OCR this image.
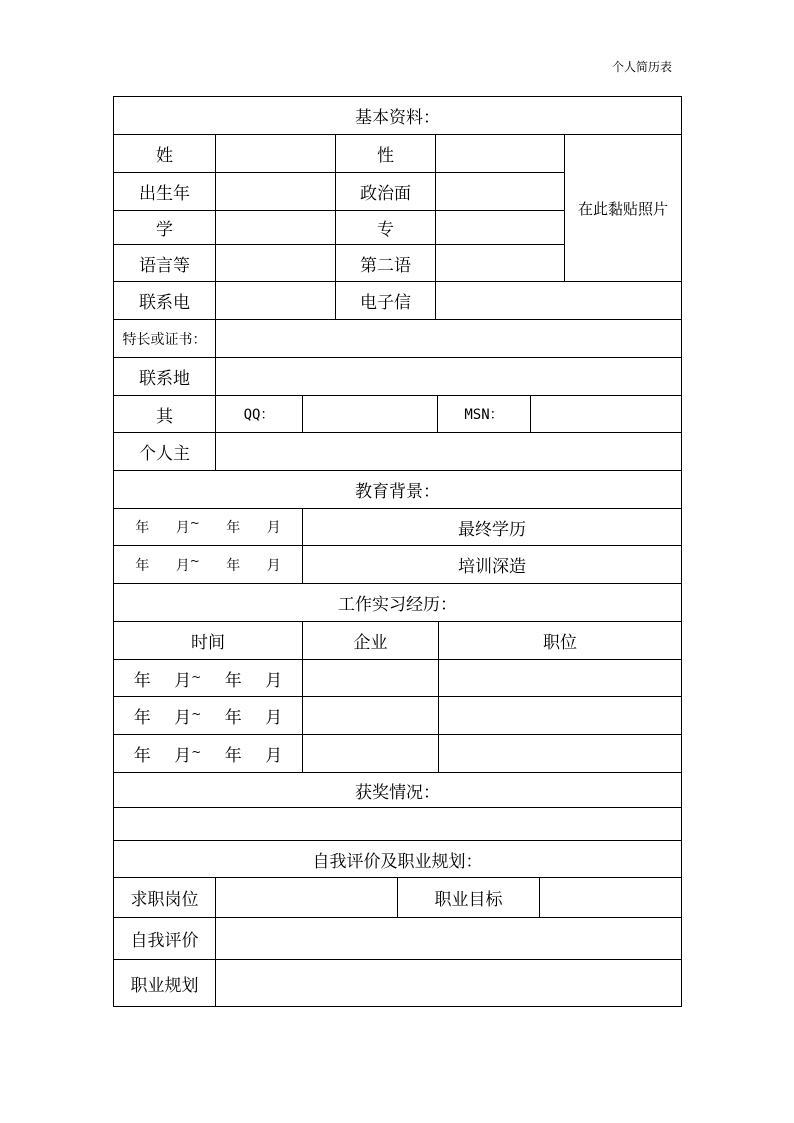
个人简历表
基本资料：
姓	性
在此黏贴照片
出生年	政治面
学	专
语言等	第二语
联系电	电子信
特长或证书：
联系地
其	QQ：	MSN：
个人主
教育背景：
年 月~ 年 月	最终学历
年 月~ 年 月	培训深造
工作实习经历：
时间	企业	职位
年 月~ 年 月
年 月~ 年 月
年 月~ 年 月
获奖情况：
自我评价及职业规划：
求职岗位	职业目标
自我评价
职业规划
